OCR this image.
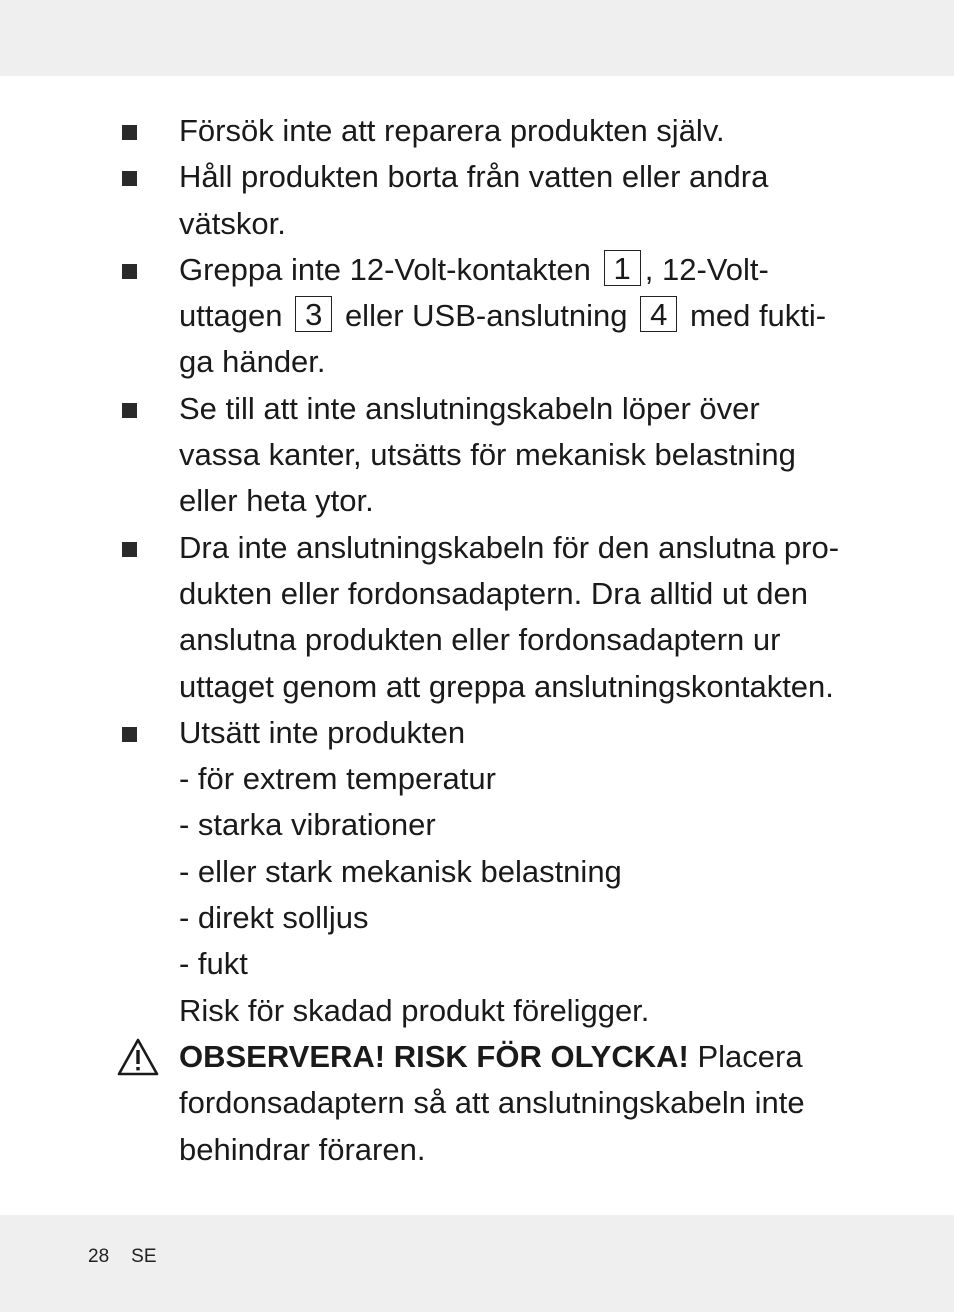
Försök inte att reparera produkten själv.
Håll produkten borta från vatten eller andra
vätskor.
Greppa inte 12-Volt-kontakten 1 , 12-Volt-
uttagen 3 eller USB-anslutning 4 med fukti-
ga händer.
Se till att inte anslutningskabeln löper över
vassa kanter, utsätts för mekanisk belastning
eller heta ytor.
Dra inte anslutningskabeln för den anslutna pro-
dukten eller fordonsadaptern. Dra alltid ut den
anslutna produkten eller fordonsadaptern ur
uttaget genom att greppa anslutningskontakten.
Utsätt inte produkten
- för extrem temperatur
- starka vibrationer
- eller stark mekanisk belastning
- direkt solljus
- fukt
Risk för skadad produkt föreligger.
OBSERVERA! RISK FÖR OLYCKA! Placera
fordonsadaptern så att anslutningskabeln inte
behindrar föraren.
28 SE
